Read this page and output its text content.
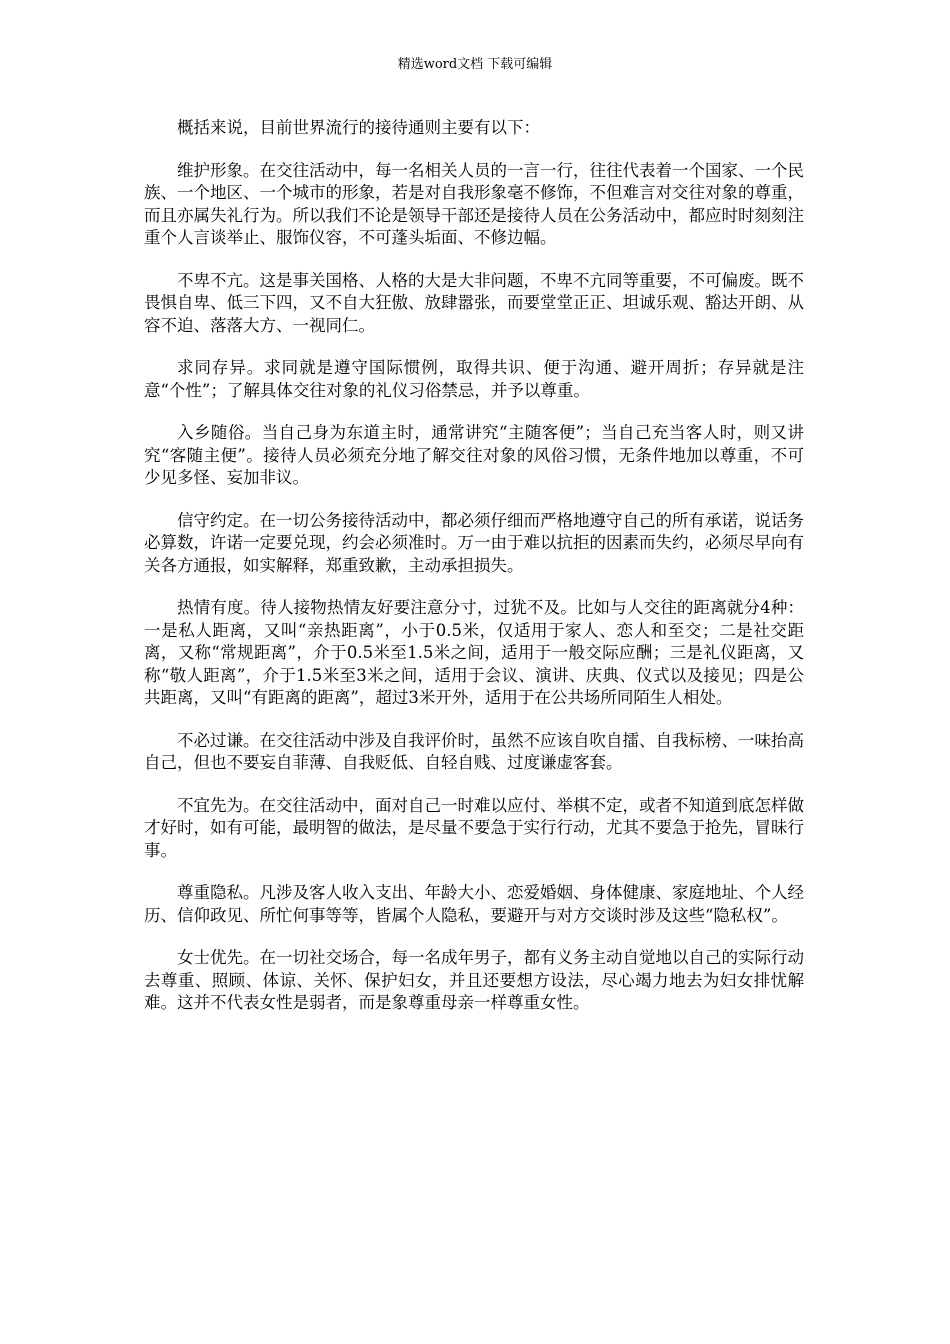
精选word文档 下载可编辑

概括来说，目前世界流行的接待通则主要有以下：

维护形象。在交往活动中，每一名相关人员的一言一行，往往代表着一个国家、一个民族、一个地区、一个城市的形象，若是对自我形象毫不修饰，不但难言对交往对象的尊重，而且亦属失礼行为。所以我们不论是领导干部还是接待人员在公务活动中，都应时时刻刻注重个人言谈举止、服饰仪容，不可蓬头垢面、不修边幅。

不卑不亢。这是事关国格、人格的大是大非问题，不卑不亢同等重要，不可偏废。既不畏惧自卑、低三下四，又不自大狂傲、放肆嚣张，而要堂堂正正、坦诚乐观、豁达开朗、从容不迫、落落大方、一视同仁。

求同存异。求同就是遵守国际惯例，取得共识、便于沟通、避开周折；存异就是注意“个性”；了解具体交往对象的礼仪习俗禁忌，并予以尊重。

入乡随俗。当自己身为东道主时，通常讲究“主随客便”；当自己充当客人时，则又讲究“客随主便”。接待人员必须充分地了解交往对象的风俗习惯，无条件地加以尊重，不可少见多怪、妄加非议。

信守约定。在一切公务接待活动中，都必须仔细而严格地遵守自己的所有承诺，说话务必算数，许诺一定要兑现，约会必须准时。万一由于难以抗拒的因素而失约，必须尽早向有关各方通报，如实解释，郑重致歉，主动承担损失。

热情有度。待人接物热情友好要注意分寸，过犹不及。比如与人交往的距离就分4种：一是私人距离，又叫“亲热距离”，小于0.5米，仅适用于家人、恋人和至交；二是社交距离，又称“常规距离”，介于0.5米至1.5米之间，适用于一般交际应酬；三是礼仪距离，又称“敬人距离”，介于1.5米至3米之间，适用于会议、演讲、庆典、仪式以及接见；四是公共距离，又叫“有距离的距离”，超过3米开外，适用于在公共场所同陌生人相处。

不必过谦。在交往活动中涉及自我评价时，虽然不应该自吹自擂、自我标榜、一味抬高自己，但也不要妄自菲薄、自我贬低、自轻自贱、过度谦虚客套。

不宜先为。在交往活动中，面对自己一时难以应付、举棋不定，或者不知道到底怎样做才好时，如有可能，最明智的做法，是尽量不要急于实行行动，尤其不要急于抢先，冒昧行事。

尊重隐私。凡涉及客人收入支出、年龄大小、恋爱婚姻、身体健康、家庭地址、个人经历、信仰政见、所忙何事等等，皆属个人隐私，要避开与对方交谈时涉及这些“隐私权”。

女士优先。在一切社交场合，每一名成年男子，都有义务主动自觉地以自己的实际行动去尊重、照顾、体谅、关怀、保护妇女，并且还要想方设法，尽心竭力地去为妇女排忧解难。这并不代表女性是弱者，而是象尊重母亲一样尊重女性。
